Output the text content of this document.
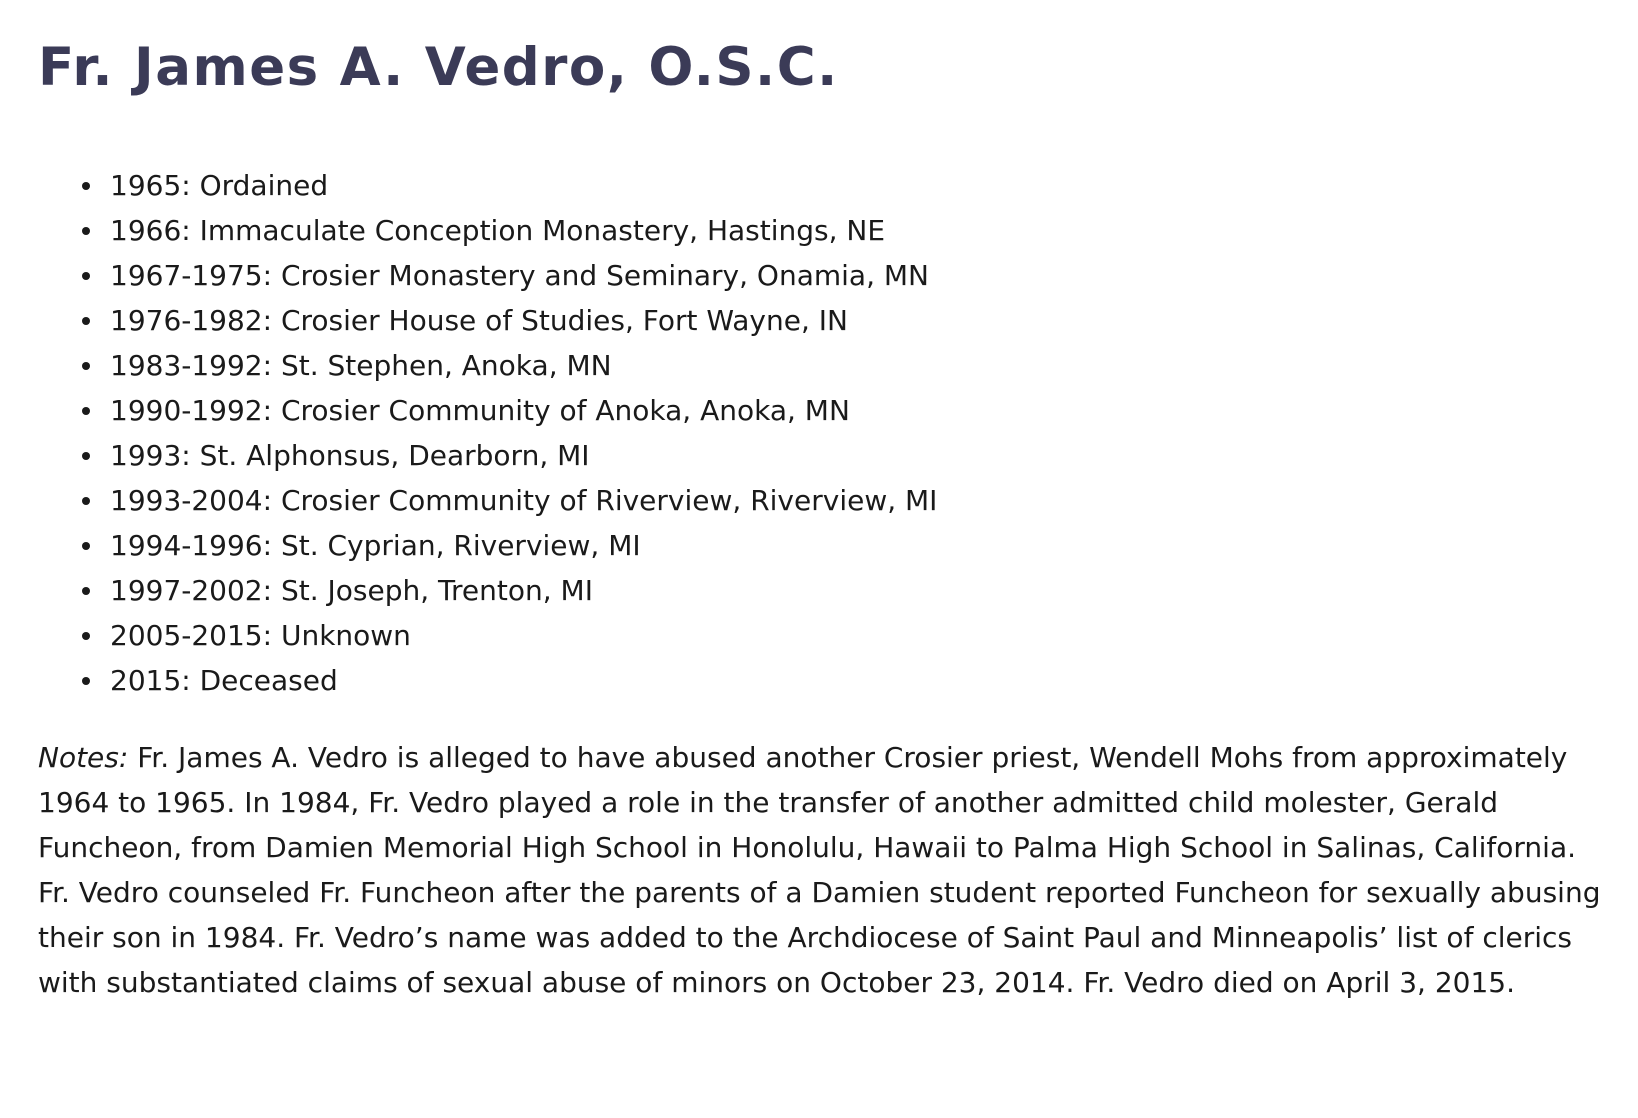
Fr. James A. Vedro, O.S.C.
1965: Ordained
1966: Immaculate Conception Monastery, Hastings, NE
1967-1975: Crosier Monastery and Seminary, Onamia, MN
1976-1982: Crosier House of Studies, Fort Wayne, IN
1983-1992: St. Stephen, Anoka, MN
1990-1992: Crosier Community of Anoka, Anoka, MN
1993: St. Alphonsus, Dearborn, MI
1993-2004: Crosier Community of Riverview, Riverview, MI
1994-1996: St. Cyprian, Riverview, MI
1997-2002: St. Joseph, Trenton, MI
2005-2015: Unknown
2015: Deceased

Notes: Fr. James A. Vedro is alleged to have abused another Crosier priest, Wendell Mohs from approximately 1964 to 1965. In 1984, Fr. Vedro played a role in the transfer of another admitted child molester, Gerald Funcheon, from Damien Memorial High School in Honolulu, Hawaii to Palma High School in Salinas, California. Fr. Vedro counseled Fr. Funcheon after the parents of a Damien student reported Funcheon for sexually abusing their son in 1984. Fr. Vedro’s name was added to the Archdiocese of Saint Paul and Minneapolis’ list of clerics with substantiated claims of sexual abuse of minors on October 23, 2014. Fr. Vedro died on April 3, 2015.
